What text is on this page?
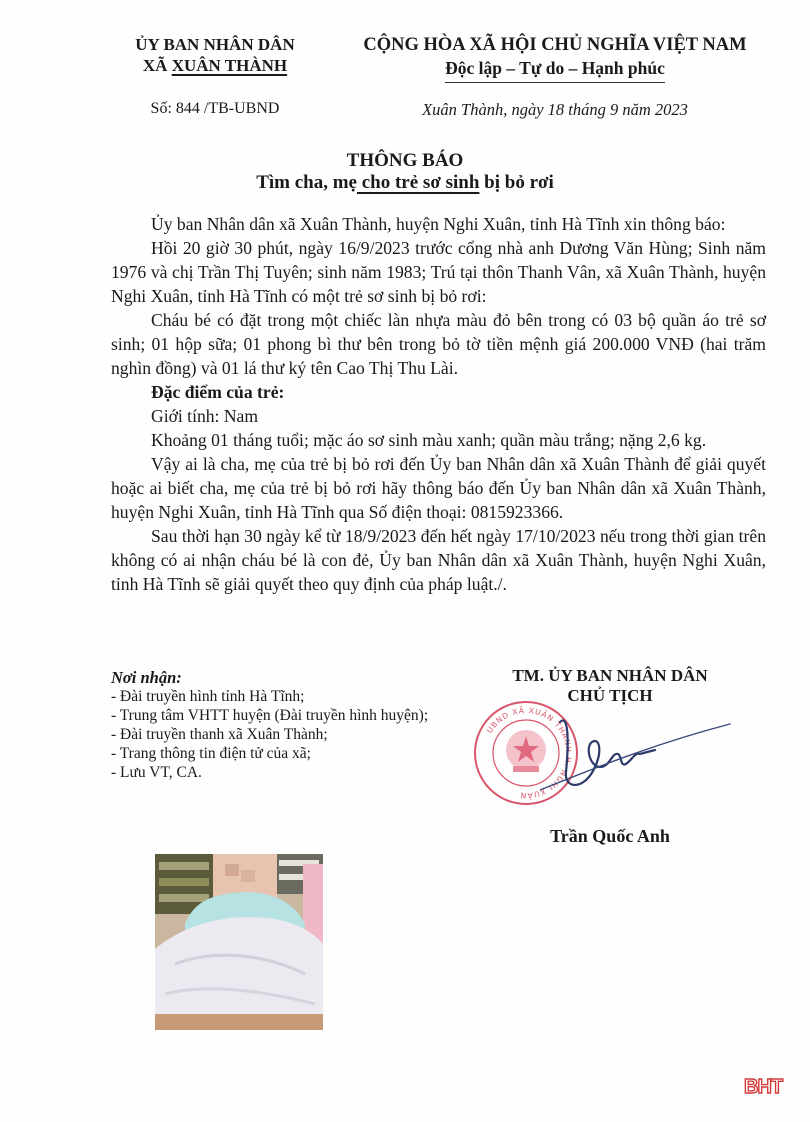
ỦY BAN NHÂN DÂN
XÃ XUÂN THÀNH
CỘNG HÒA XÃ HỘI CHỦ NGHĨA VIỆT NAM
Độc lập – Tự do – Hạnh phúc
Số: 844 /TB-UBND	Xuân Thành, ngày 18 tháng 9 năm 2023
THÔNG BÁO
Tìm cha, mẹ cho trẻ sơ sinh bị bỏ rơi

Ủy ban Nhân dân xã Xuân Thành, huyện Nghi Xuân, tỉnh Hà Tĩnh xin thông báo:

Hồi 20 giờ 30 phút, ngày 16/9/2023 trước cổng nhà anh Dương Văn Hùng; Sinh năm 1976 và chị Trần Thị Tuyên; sinh năm 1983; Trú tại thôn Thanh Vân, xã Xuân Thành, huyện Nghi Xuân, tỉnh Hà Tĩnh có một trẻ sơ sinh bị bỏ rơi:

Cháu bé có đặt trong một chiếc làn nhựa màu đỏ bên trong có 03 bộ quần áo trẻ sơ sinh; 01 hộp sữa; 01 phong bì thư bên trong bỏ tờ tiền mệnh giá 200.000 VNĐ (hai trăm nghìn đồng) và 01 lá thư ký tên Cao Thị Thu Lài.

Đặc điểm của trẻ:

Giới tính: Nam

Khoảng 01 tháng tuổi; mặc áo sơ sinh màu xanh; quần màu trắng; nặng 2,6 kg.

Vậy ai là cha, mẹ của trẻ bị bỏ rơi đến Ủy ban Nhân dân xã Xuân Thành để giải quyết hoặc ai biết cha, mẹ của trẻ bị bỏ rơi hãy thông báo đến Ủy ban Nhân dân xã Xuân Thành, huyện Nghi Xuân, tỉnh Hà Tĩnh qua Số điện thoại: 0815923366.

Sau thời hạn 30 ngày kể từ 18/9/2023 đến hết ngày 17/10/2023 nếu trong thời gian trên không có ai nhận cháu bé là con đẻ, Ủy ban Nhân dân xã Xuân Thành, huyện Nghi Xuân, tỉnh Hà Tĩnh sẽ giải quyết theo quy định của pháp luật./.

Nơi nhận:
- Đài truyền hình tỉnh Hà Tĩnh;
- Trung tâm VHTT huyện (Đài truyền hình huyện);
- Đài truyền thanh xã Xuân Thành;
- Trang thông tin điện tử của xã;
- Lưu VT, CA.
TM. ỦY BAN NHÂN DÂN
CHỦ TỊCH
UBND XÃ XUÂN THÀNH H. NGHI XUÂN
Trần Quốc Anh
BHT
